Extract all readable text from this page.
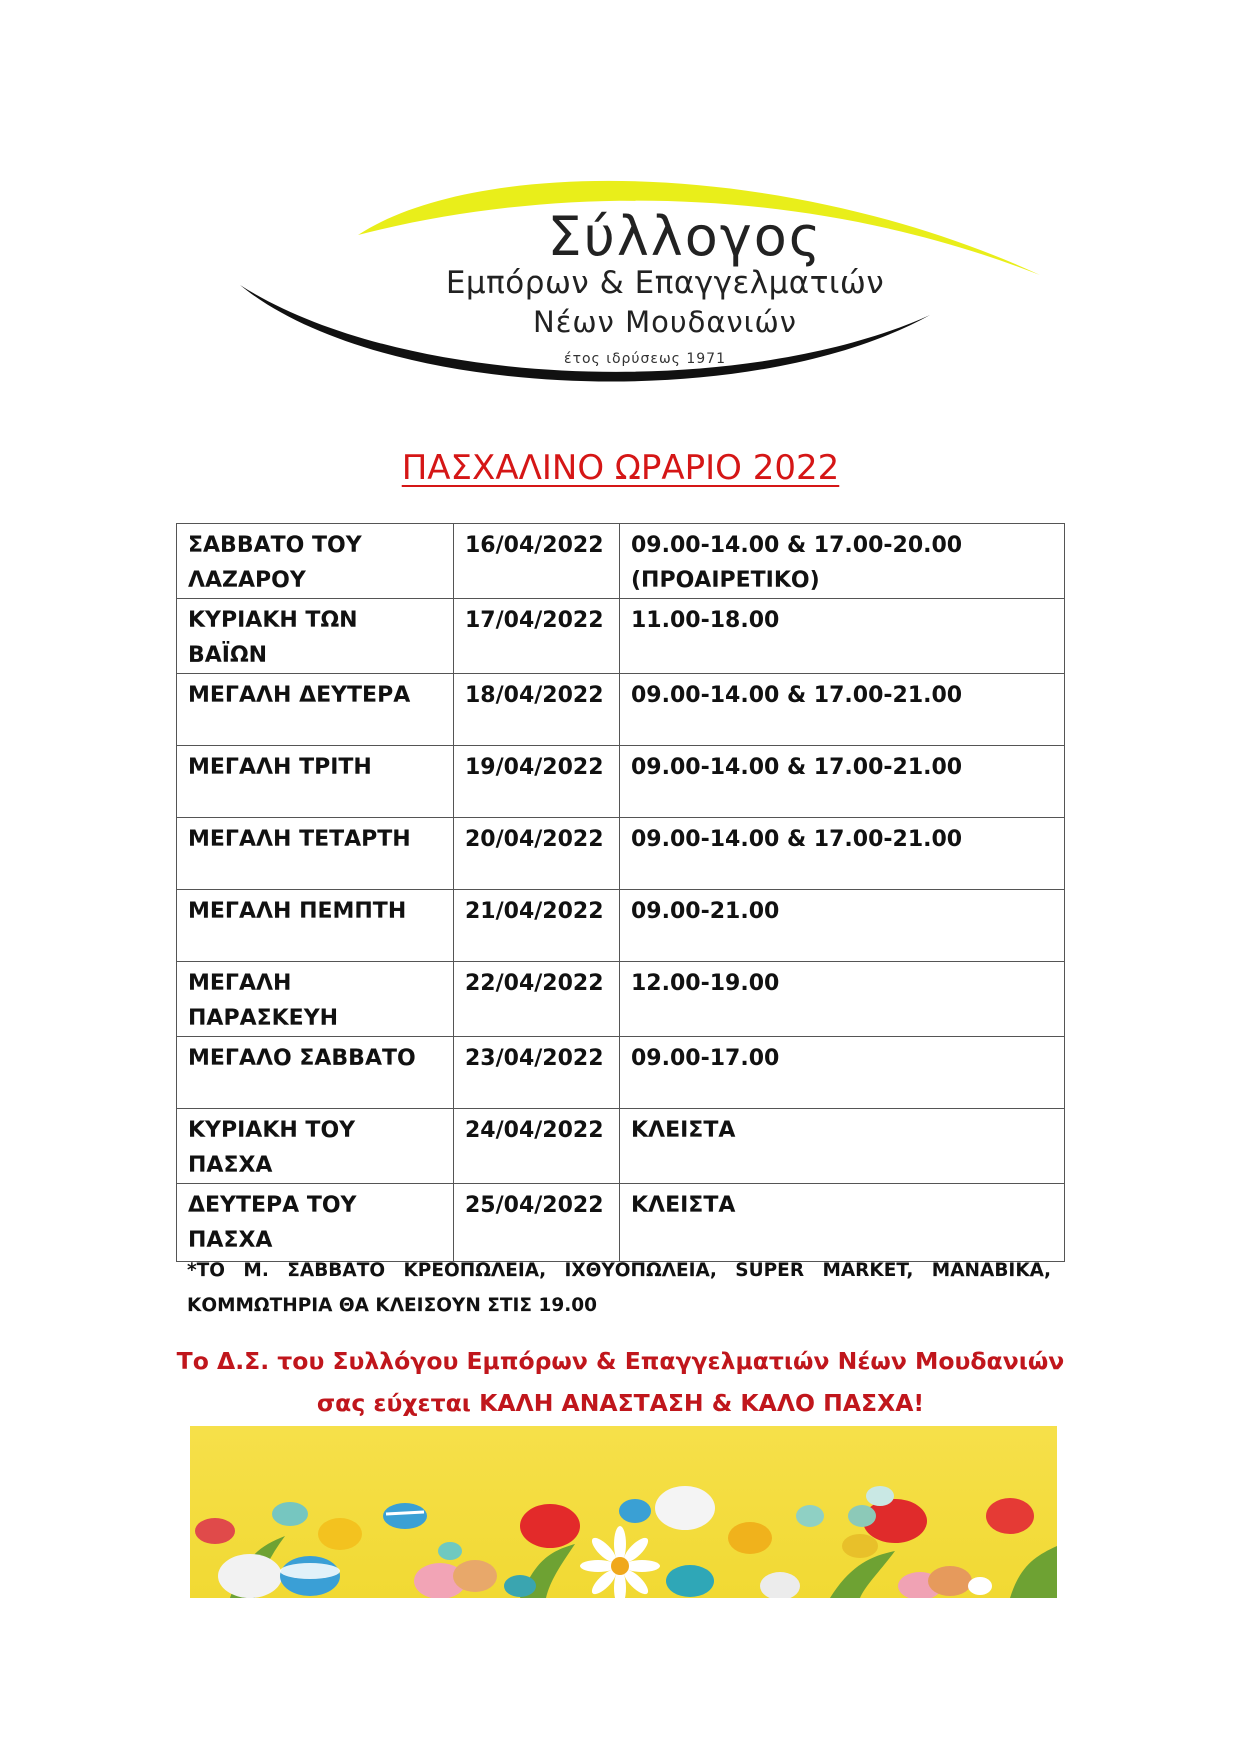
Σύλλογος
Εμπόρων & Επαγγελματιών
Νέων Μουδανιών
έτος ιδρύσεως 1971
ΠΑΣΧΑΛΙΝΟ ΩΡΑΡΙΟ 2022
ΣΑΒΒΑΤΟ ΤΟΥ ΛΑΖΑΡΟΥ	16/04/2022	09.00-14.00 & 17.00-20.00 (ΠΡΟΑΙΡΕΤΙΚΟ)
ΚΥΡΙΑΚΗ ΤΩΝ ΒΑΪΩΝ	17/04/2022	11.00-18.00
ΜΕΓΑΛΗ ΔΕΥΤΕΡΑ	18/04/2022	09.00-14.00 & 17.00-21.00
ΜΕΓΑΛΗ ΤΡΙΤΗ	19/04/2022	09.00-14.00 & 17.00-21.00
ΜΕΓΑΛΗ ΤΕΤΑΡΤΗ	20/04/2022	09.00-14.00 & 17.00-21.00
ΜΕΓΑΛΗ ΠΕΜΠΤΗ	21/04/2022	09.00-21.00
ΜΕΓΑΛΗ ΠΑΡΑΣΚΕΥΗ	22/04/2022	12.00-19.00
ΜΕΓΑΛΟ ΣΑΒΒΑΤΟ	23/04/2022	09.00-17.00
ΚΥΡΙΑΚΗ ΤΟΥ ΠΑΣΧΑ	24/04/2022	ΚΛΕΙΣΤΑ
ΔΕΥΤΕΡΑ ΤΟΥ ΠΑΣΧΑ	25/04/2022	ΚΛΕΙΣΤΑ
*ΤΟ Μ. ΣΑΒΒΑΤΟ ΚΡΕΟΠΩΛΕΙΑ, ΙΧΘΥΟΠΩΛΕΙΑ, SUPER MARKET, ΜΑΝΑΒΙΚΑ, ΚΟΜΜΩΤΗΡΙΑ ΘΑ ΚΛΕΙΣΟΥΝ ΣΤΙΣ 19.00
Το Δ.Σ. του Συλλόγου Εμπόρων & Επαγγελματιών Νέων Μουδανιών
σας εύχεται ΚΑΛΗ ΑΝΑΣΤΑΣΗ & ΚΑΛΟ ΠΑΣΧΑ!
